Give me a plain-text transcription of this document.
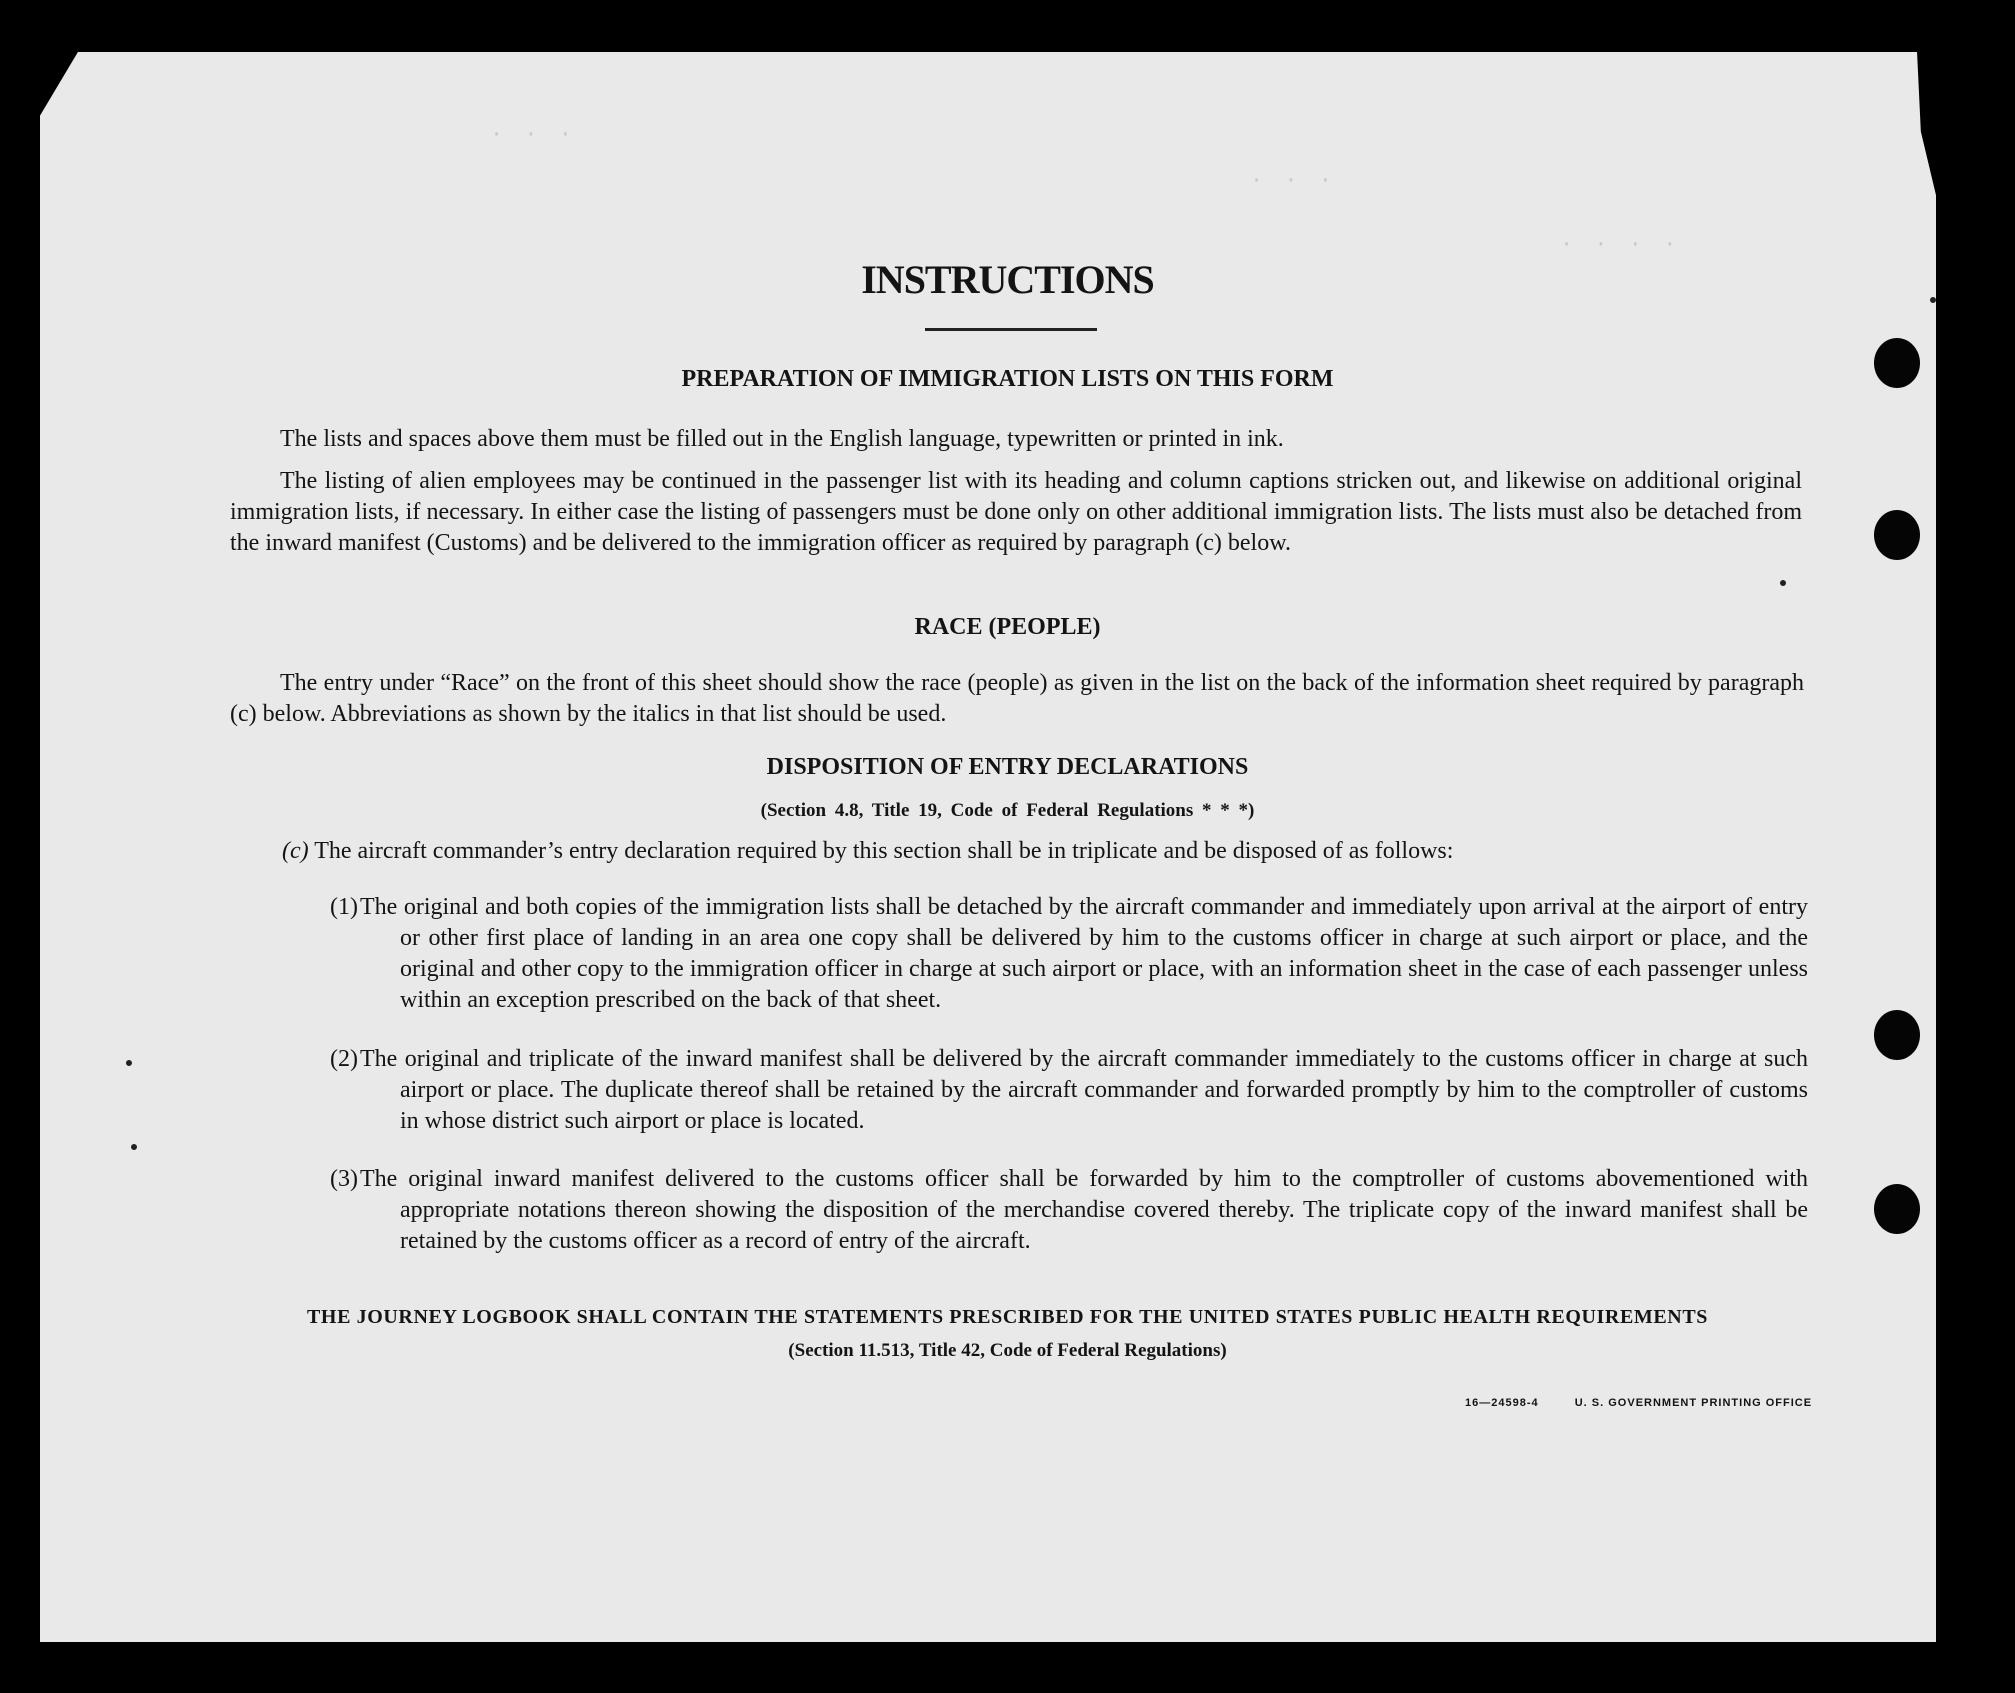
· · ·
· · ·
· · · ·
INSTRUCTIONS
PREPARATION OF IMMIGRATION LISTS ON THIS FORM

The lists and spaces above them must be filled out in the English language, typewritten or printed in ink.

The listing of alien employees may be continued in the passenger list with its heading and column captions stricken out, and likewise on additional original immigration lists, if necessary. In either case the listing of passengers must be done only on other additional immigration lists. The lists must also be detached from the inward manifest (Customs) and be delivered to the immigration officer as required by paragraph (c) below.

RACE (PEOPLE)

The entry under “Race” on the front of this sheet should show the race (people) as given in the list on the back of the information sheet required by paragraph (c) below. Abbreviations as shown by the italics in that list should be used.

DISPOSITION OF ENTRY DECLARATIONS

(Section 4.8, Title 19, Code of Federal Regulations * * *)

(c) The aircraft commander’s entry declaration required by this section shall be in triplicate and be disposed of as follows:
(1) The original and both copies of the immigration lists shall be detached by the aircraft commander and immediately upon arrival at the airport of entry or other first place of landing in an area one copy shall be delivered by him to the customs officer in charge at such airport or place, and the original and other copy to the immigration officer in charge at such airport or place, with an information sheet in the case of each passenger unless within an exception prescribed on the back of that sheet.

(2) The original and triplicate of the inward manifest shall be delivered by the aircraft commander immediately to the customs officer in charge at such airport or place. The duplicate thereof shall be retained by the aircraft commander and forwarded promptly by him to the comptroller of customs in whose district such airport or place is located.

(3) The original inward manifest delivered to the customs officer shall be forwarded by him to the comptroller of customs abovementioned with appropriate notations thereon showing the disposition of the merchandise covered thereby. The triplicate copy of the inward manifest shall be retained by the customs officer as a record of entry of the aircraft.

THE JOURNEY LOGBOOK SHALL CONTAIN THE STATEMENTS PRESCRIBED FOR THE UNITED STATES PUBLIC HEALTH REQUIREMENTS

(Section 11.513, Title 42, Code of Federal Regulations)

16—24598-4	U. S. GOVERNMENT PRINTING OFFICE
